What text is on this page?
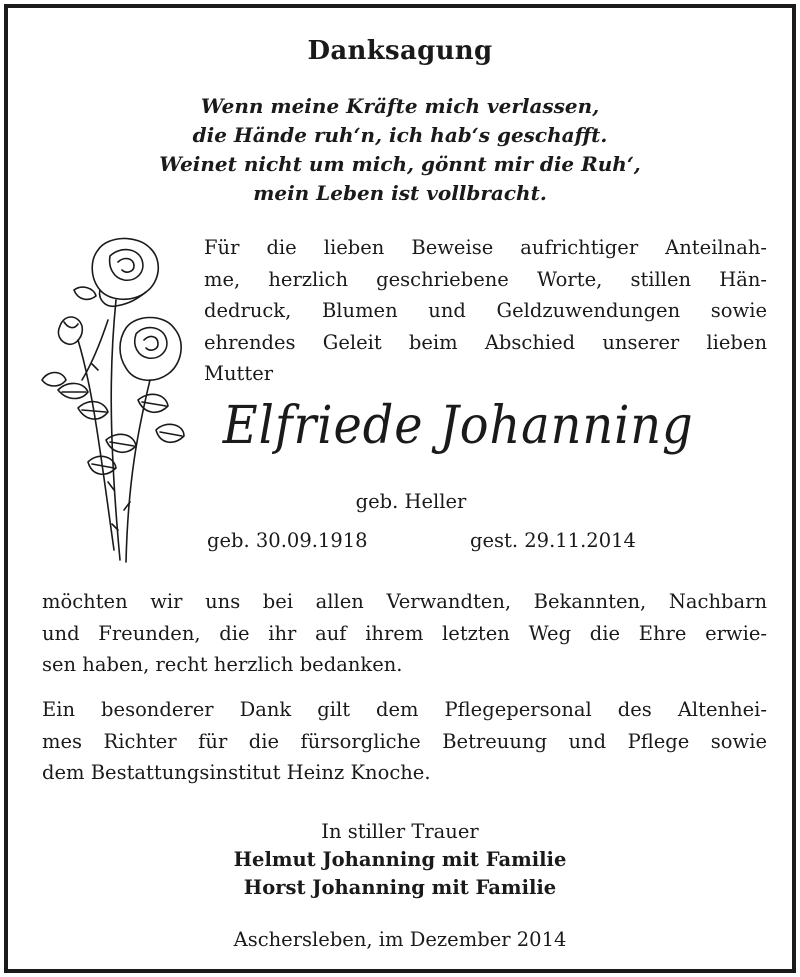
Danksagung
Wenn meine Kräfte mich verlassen,
die Hände ruh‘n, ich hab‘s geschafft.
Weinet nicht um mich, gönnt mir die Ruh‘,
mein Leben ist vollbracht.
Für die lieben Beweise aufrichtiger Anteilnah-
me, herzlich geschriebene Worte, stillen Hän-
dedruck, Blumen und Geldzuwendungen sowie
ehrendes Geleit beim Abschied unserer lieben
Mutter
Elfriede Johanning
geb. Heller
geb. 30.09.1918	gest. 29.11.2014
möchten wir uns bei allen Verwandten, Bekannten, Nachbarn
und Freunden, die ihr auf ihrem letzten Weg die Ehre erwie-
sen haben, recht herzlich bedanken.
Ein besonderer Dank gilt dem Pflegepersonal des Altenhei-
mes Richter für die fürsorgliche Betreuung und Pflege sowie
dem Bestattungsinstitut Heinz Knoche.
In stiller Trauer
Helmut Johanning mit Familie
Horst Johanning mit Familie
Aschersleben, im Dezember 2014
